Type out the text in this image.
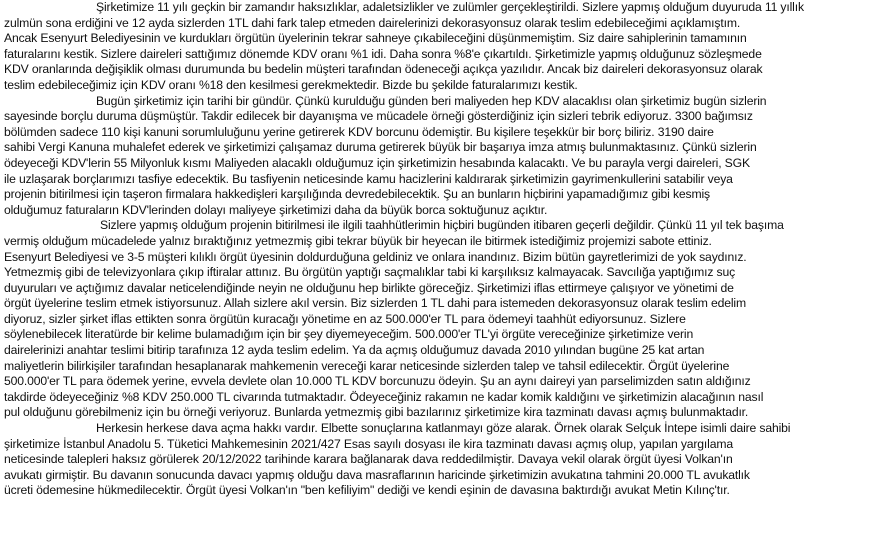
Şirketimize 11 yılı geçkin bir zamandır haksızlıklar, adaletsizlikler ve zulümler gerçekleştirildi. Sizlere yapmış olduğum duyuruda 11 yıllık
zulmün sona erdiğini ve 12 ayda sizlerden 1TL dahi fark talep etmeden dairelerinizi dekorasyonsuz olarak teslim edebileceğimi açıklamıştım.
Ancak Esenyurt Belediyesinin ve kurdukları örgütün üyelerinin tekrar sahneye çıkabileceğini düşünmemiştim. Siz daire sahiplerinin tamamının
faturalarını kestik. Sizlere daireleri sattığımız dönemde KDV oranı %1 idi. Daha sonra %8'e çıkartıldı. Şirketimizle yapmış olduğunuz sözleşmede
KDV oranlarında değişiklik olması durumunda bu bedelin müşteri tarafından ödeneceği açıkça yazılıdır. Ancak biz daireleri dekorasyonsuz olarak
teslim edebileceğimiz için KDV oranı %18 den kesilmesi gerekmektedir. Bizde bu şekilde faturalarımızı kestik.
Bugün şirketimiz için tarihi bir gündür. Çünkü kurulduğu günden beri maliyeden hep KDV alacaklısı olan şirketimiz bugün sizlerin
sayesinde borçlu duruma düşmüştür. Takdir edilecek bir dayanışma ve mücadele örneği gösterdiğiniz için sizleri tebrik ediyoruz. 3300 bağımsız
bölümden sadece 110 kişi kanuni sorumluluğunu yerine getirerek KDV borcunu ödemiştir. Bu kişilere teşekkür bir borç biliriz. 3190 daire
sahibi Vergi Kanuna muhalefet ederek ve şirketimizi çalışamaz duruma getirerek büyük bir başarıya imza atmış bulunmaktasınız. Çünkü sizlerin
ödeyeceği KDV'lerin 55 Milyonluk kısmı Maliyeden alacaklı olduğumuz için şirketimizin hesabında kalacaktı. Ve bu parayla vergi daireleri, SGK
ile uzlaşarak borçlarımızı tasfiye edecektik. Bu tasfiyenin neticesinde kamu hacizlerini kaldırarak şirketimizin gayrimenkullerini satabilir veya
projenin bitirilmesi için taşeron firmalara hakkedişleri karşılığında devredebilecektik. Şu an bunların hiçbirini yapamadığımız gibi kesmiş
olduğumuz faturaların KDV'lerinden dolayı maliyeye şirketimizi daha da büyük borca soktuğunuz açıktır.
Sizlere yapmış olduğum projenin bitirilmesi ile ilgili taahhütlerimin hiçbiri bugünden itibaren geçerli değildir. Çünkü 11 yıl tek başıma
vermiş olduğum mücadelede yalnız bıraktığınız yetmezmiş gibi tekrar büyük bir heyecan ile bitirmek istediğimiz projemizi sabote ettiniz.
Esenyurt Belediyesi ve 3-5 müşteri kılıklı örgüt üyesinin doldurduğuna geldiniz ve onlara inandınız. Bizim bütün gayretlerimizi de yok saydınız.
Yetmezmiş gibi de televizyonlara çıkıp iftiralar attınız. Bu örgütün yaptığı saçmalıklar tabi ki karşılıksız kalmayacak. Savcılığa yaptığımız suç
duyuruları ve açtığımız davalar neticelendiğinde neyin ne olduğunu hep birlikte göreceğiz. Şirketimizi iflas ettirmeye çalışıyor ve yönetimi de
örgüt üyelerine teslim etmek istiyorsunuz. Allah sizlere akıl versin. Biz sizlerden 1 TL dahi para istemeden dekorasyonsuz olarak teslim edelim
diyoruz, sizler şirket iflas ettikten sonra örgütün kuracağı yönetime en az 500.000'er TL para ödemeyi taahhüt ediyorsunuz. Sizlere
söylenebilecek literatürde bir kelime bulamadığım için bir şey diyemeyeceğim. 500.000'er TL'yi örgüte vereceğinize şirketimize verin
dairelerinizi anahtar teslimi bitirip tarafınıza 12 ayda teslim edelim. Ya da açmış olduğumuz davada 2010 yılından bugüne 25 kat artan
maliyetlerin bilirkişiler tarafından hesaplanarak mahkemenin vereceği karar neticesinde sizlerden talep ve tahsil edilecektir. Örgüt üyelerine
500.000'er TL para ödemek yerine, evvela devlete olan 10.000 TL KDV borcunuzu ödeyin. Şu an aynı daireyi yan parselimizden satın aldığınız
takdirde ödeyeceğiniz %8 KDV 250.000 TL civarında tutmaktadır. Ödeyeceğiniz rakamın ne kadar komik kaldığını ve şirketimizin alacağının nasıl
pul olduğunu görebilmeniz için bu örneği veriyoruz. Bunlarda yetmezmiş gibi bazılarınız şirketimize kira tazminatı davası açmış bulunmaktadır.
Herkesin herkese dava açma hakkı vardır. Elbette sonuçlarına katlanmayı göze alarak. Örnek olarak Selçuk İntepe isimli daire sahibi
şirketimize İstanbul Anadolu 5. Tüketici Mahkemesinin 2021/427 Esas sayılı dosyası ile kira tazminatı davası açmış olup, yapılan yargılama
neticesinde talepleri haksız görülerek 20/12/2022 tarihinde karara bağlanarak dava reddedilmiştir. Davaya vekil olarak örgüt üyesi Volkan'ın
avukatı girmiştir. Bu davanın sonucunda davacı yapmış olduğu dava masraflarının haricinde şirketimizin avukatına tahmini 20.000 TL avukatlık
ücreti ödemesine hükmedilecektir. Örgüt üyesi Volkan'ın "ben kefiliyim" dediği ve kendi eşinin de davasına baktırdığı avukat Metin Kılınç'tır.
